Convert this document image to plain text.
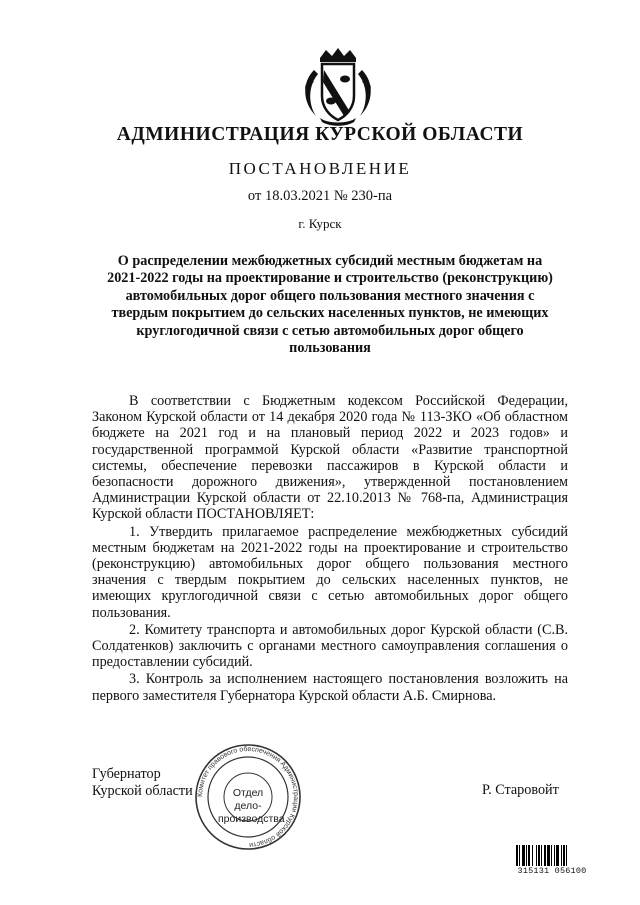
АДМИНИСТРАЦИЯ КУРСКОЙ ОБЛАСТИ
ПОСТАНОВЛЕНИЕ
от 18.03.2021 № 230-па
г. Курск
О распределении межбюджетных субсидий местным бюджетам на
2021-2022 годы на проектирование и строительство (реконструкцию)
автомобильных дорог общего пользования местного значения с
твердым покрытием до сельских населенных пунктов, не имеющих
круглогодичной связи с сетью автомобильных дорог общего
пользования

В соответствии с Бюджетным кодексом Российской Федерации, Законом Курской области от 14 декабря 2020 года № 113-ЗКО «Об областном бюджете на 2021 год и на плановый период 2022 и 2023 годов» и государственной программой Курской области «Развитие транспортной системы, обеспечение перевозки пассажиров в Курской области и безопасности дорожного движения», утвержденной постановлением Администрации Курской области от 22.10.2013 № 768-па, Администрация Курской области ПОСТАНОВЛЯЕТ:

1. Утвердить прилагаемое распределение межбюджетных субсидий местным бюджетам на 2021-2022 годы на проектирование и строительство (реконструкцию) автомобильных дорог общего пользования местного значения с твердым покрытием до сельских населенных пунктов, не имеющих круглогодичной связи с сетью автомобильных дорог общего пользования.

2. Комитету транспорта и автомобильных дорог Курской области (С.В. Солдатенков) заключить с органами местного самоуправления соглашения о предоставлении субсидий.

3. Контроль за исполнением настоящего постановления возложить на первого заместителя Губернатора Курской области А.Б. Смирнова.

Губернатор
Курской области	Р. Старовойт
Комитет правового обеспечения Администрации Курской области
Отдел
дело-
производства
315131 056100
